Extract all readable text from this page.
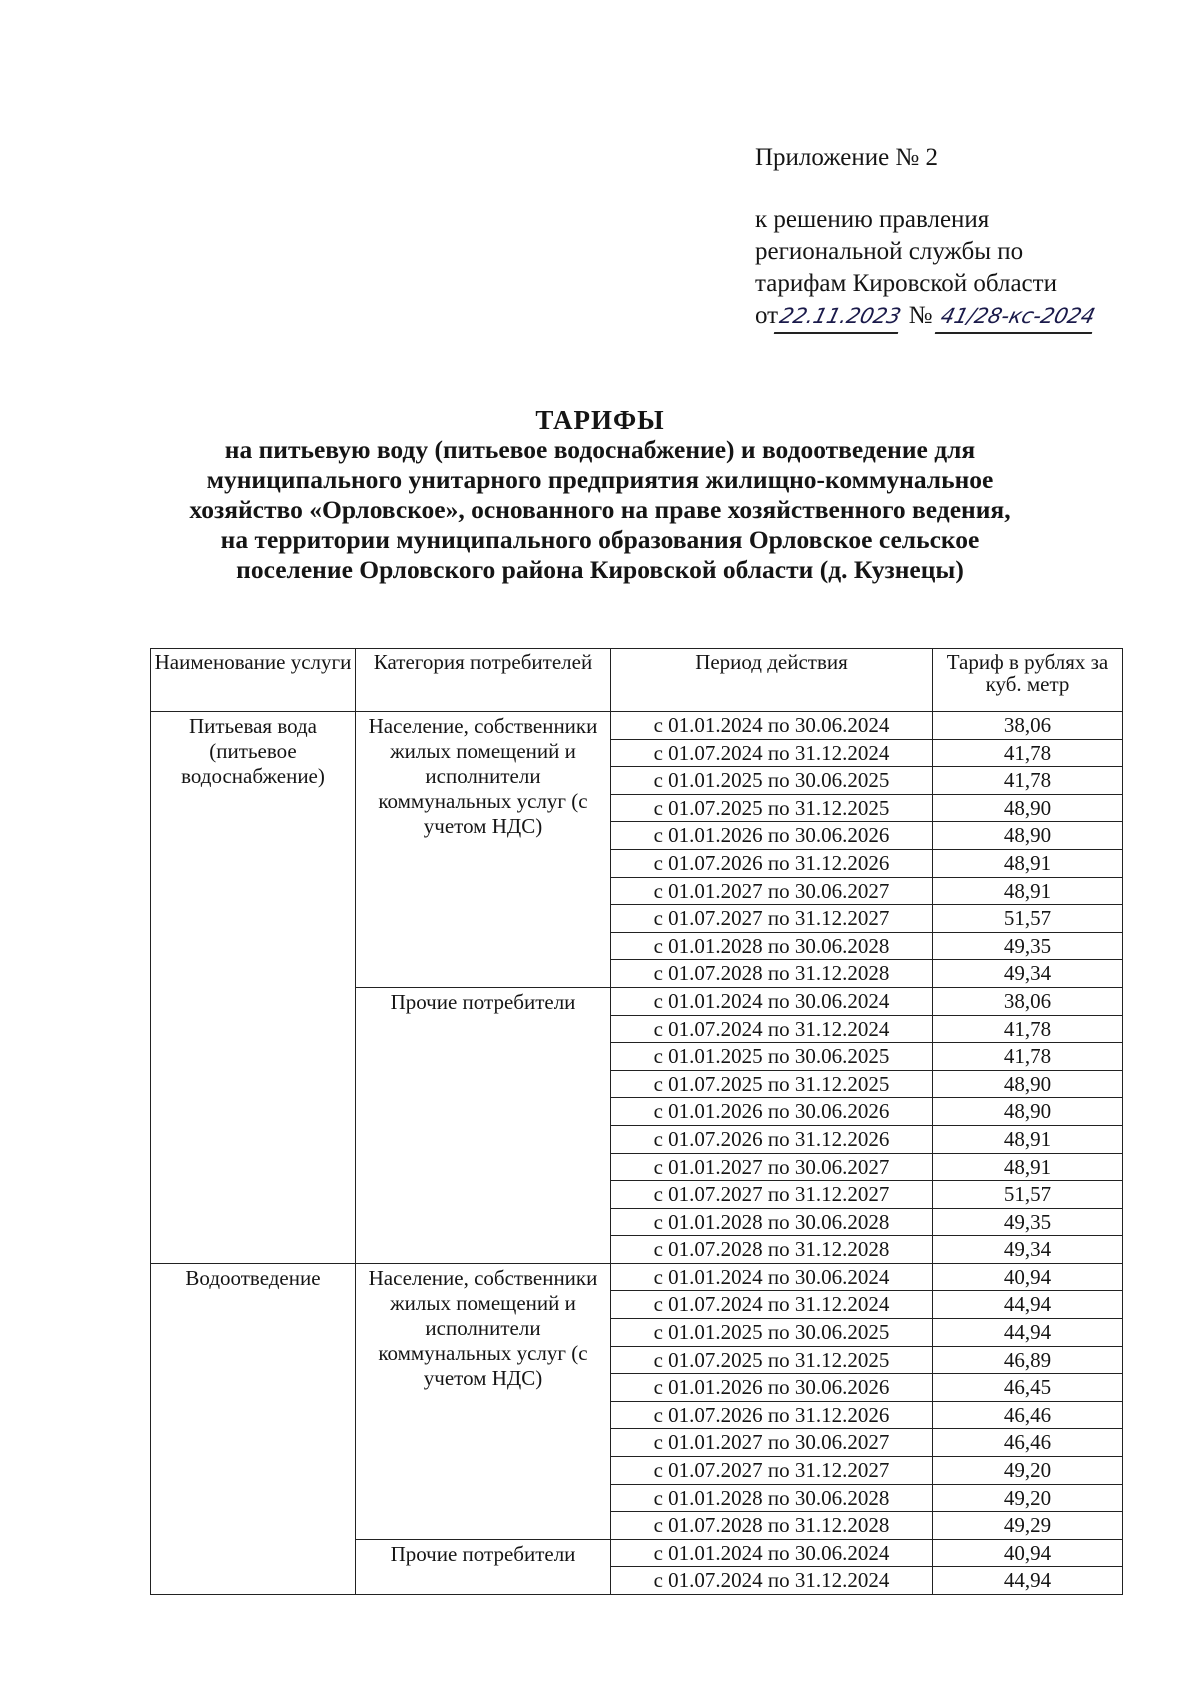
Приложение № 2
к решению правления
региональной службы по
тарифам Кировской области
от22.11.2023 № 41/28-кс-2024
ТАРИФЫ
на питьевую воду (питьевое водоснабжение) и водоотведение для
муниципального унитарного предприятия жилищно-коммунальное
хозяйство «Орловское», основанного на праве хозяйственного ведения,
на территории муниципального образования Орловское сельское
поселение Орловского района Кировской области (д. Кузнецы)
Наименование услуги	Категория потребителей	Период действия	Тариф в рублях за куб. метр
Питьевая вода (питьевое водоснабжение)	Население, собственники жилых помещений и исполнители коммунальных услуг (с учетом НДС)	с 01.01.2024 по 30.06.2024	38,06
		с 01.07.2024 по 31.12.2024	41,78
		с 01.01.2025 по 30.06.2025	41,78
		с 01.07.2025 по 31.12.2025	48,90
		с 01.01.2026 по 30.06.2026	48,90
		с 01.07.2026 по 31.12.2026	48,91
		с 01.01.2027 по 30.06.2027	48,91
		с 01.07.2027 по 31.12.2027	51,57
		с 01.01.2028 по 30.06.2028	49,35
		с 01.07.2028 по 31.12.2028	49,34
	Прочие потребители	с 01.01.2024 по 30.06.2024	38,06
		с 01.07.2024 по 31.12.2024	41,78
		с 01.01.2025 по 30.06.2025	41,78
		с 01.07.2025 по 31.12.2025	48,90
		с 01.01.2026 по 30.06.2026	48,90
		с 01.07.2026 по 31.12.2026	48,91
		с 01.01.2027 по 30.06.2027	48,91
		с 01.07.2027 по 31.12.2027	51,57
		с 01.01.2028 по 30.06.2028	49,35
		с 01.07.2028 по 31.12.2028	49,34
Водоотведение	Население, собственники жилых помещений и исполнители коммунальных услуг (с учетом НДС)	с 01.01.2024 по 30.06.2024	40,94
		с 01.07.2024 по 31.12.2024	44,94
		с 01.01.2025 по 30.06.2025	44,94
		с 01.07.2025 по 31.12.2025	46,89
		с 01.01.2026 по 30.06.2026	46,45
		с 01.07.2026 по 31.12.2026	46,46
		с 01.01.2027 по 30.06.2027	46,46
		с 01.07.2027 по 31.12.2027	49,20
		с 01.01.2028 по 30.06.2028	49,20
		с 01.07.2028 по 31.12.2028	49,29
	Прочие потребители	с 01.01.2024 по 30.06.2024	40,94
		с 01.07.2024 по 31.12.2024	44,94
